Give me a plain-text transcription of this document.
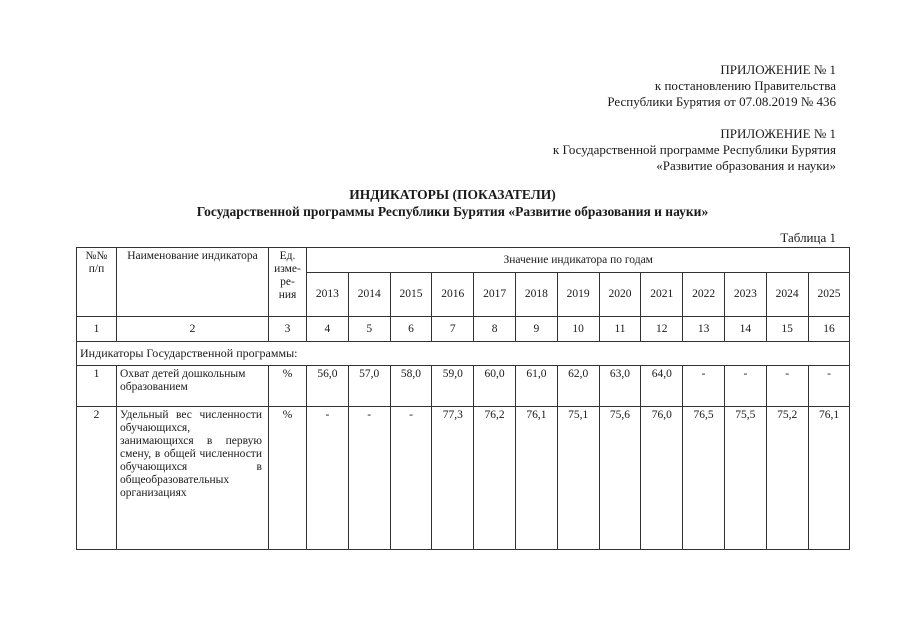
ПРИЛОЖЕНИЕ № 1
к постановлению Правительства
Республики Бурятия от 07.08.2019 № 436
ПРИЛОЖЕНИЕ № 1
к Государственной программе Республики Бурятия
«Развитие образования и науки»
ИНДИКАТОРЫ (ПОКАЗАТЕЛИ)
Государственной программы Республики Бурятия «Развитие образования и науки»
Таблица 1
№№ п/п	Наименование индикатора	Ед. изме-ре-ния	Значение индикатора по годам												
			2013	2014	2015	2016	2017	2018	2019	2020	2021	2022	2023	2024	2025
1	2	3	4	5	6	7	8	9	10	11	12	13	14	15	16
Индикаторы Государственной программы:															
1	Охват детей дошкольным образованием	%	56,0	57,0	58,0	59,0	60,0	61,0	62,0	63,0	64,0	-	-	-	-
2	Удельный вес численности обучающихся, занимающихся в первую смену, в общей численности обучающихся в общеобразовательных организациях	%	-	-	-	77,3	76,2	76,1	75,1	75,6	76,0	76,5	75,5	75,2	76,1
